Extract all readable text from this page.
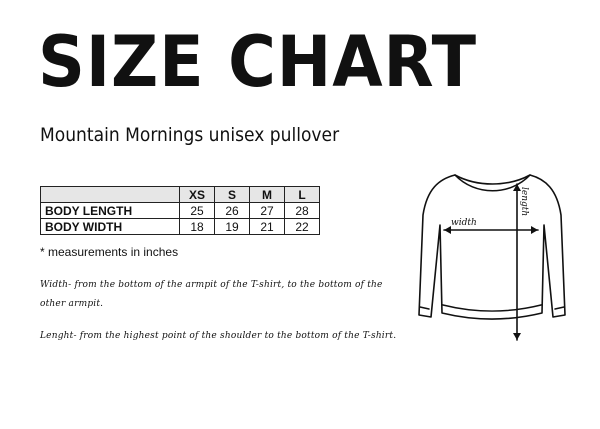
SIZE CHART
Mountain Mornings unisex pullover
	XS	S	M	L
BODY LENGTH	25	26	27	28
BODY WIDTH	18	19	21	22

* measurements in inches

Width- from the bottom of the armpit of the T-shirt, to the bottom of the other armpit.

Lenght- from the highest point of the shoulder to the bottom of the T-shirt.

width
length
